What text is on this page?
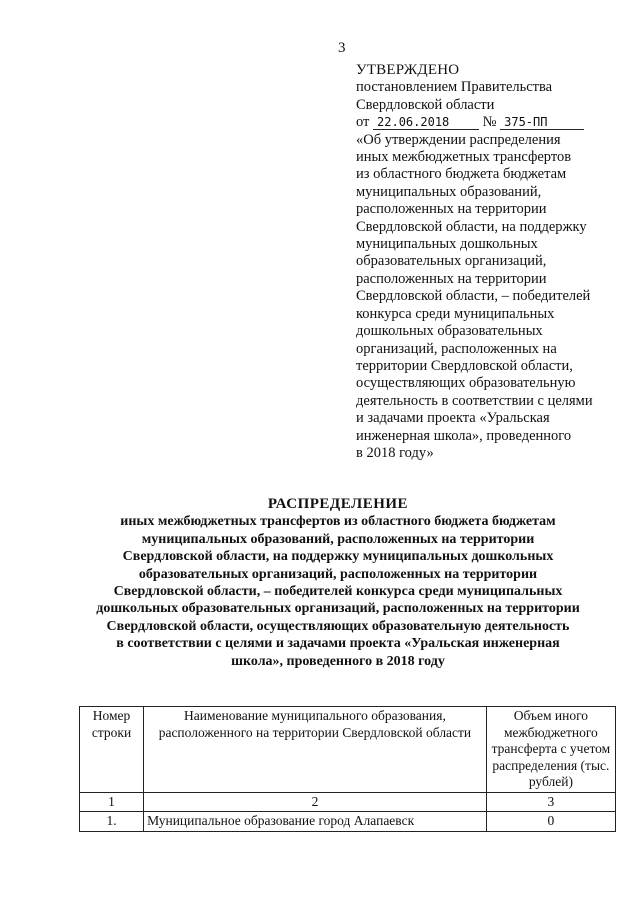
3
УТВЕРЖДЕНО
постановлением Правительства
Свердловской области
от 22.06.2018 № 375-ПП
«Об утверждении распределения
иных межбюджетных трансфертов
из областного бюджета бюджетам
муниципальных образований,
расположенных на территории
Свердловской области, на поддержку
муниципальных дошкольных
образовательных организаций,
расположенных на территории
Свердловской области, – победителей
конкурса среди муниципальных
дошкольных образовательных
организаций, расположенных на
территории Свердловской области,
осуществляющих образовательную
деятельность в соответствии с целями
и задачами проекта «Уральская
инженерная школа», проведенного
в 2018 году»
РАСПРЕДЕЛЕНИЕ
иных межбюджетных трансфертов из областного бюджета бюджетам
муниципальных образований, расположенных на территории
Свердловской области, на поддержку муниципальных дошкольных
образовательных организаций, расположенных на территории
Свердловской области, – победителей конкурса среди муниципальных
дошкольных образовательных организаций, расположенных на территории
Свердловской области, осуществляющих образовательную деятельность
в соответствии с целями и задачами проекта «Уральская инженерная
школа», проведенного в 2018 году
Номер строки	Наименование муниципального образования, расположенного на территории Свердловской области	Объем иного межбюджетного трансферта с учетом распределения (тыс. рублей)
1	2	3
1.	Муниципальное образование город Алапаевск	0
